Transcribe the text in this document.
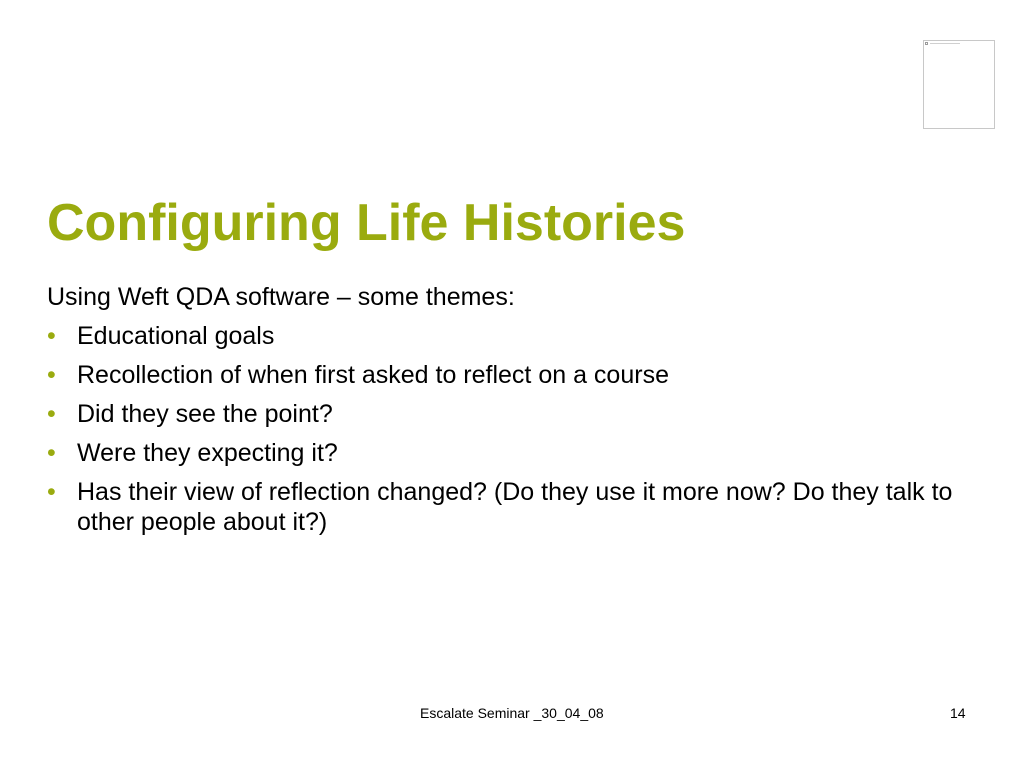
Configuring Life Histories

Using Weft QDA software – some themes:

• Educational goals
• Recollection of when first asked to reflect on a course
• Did they see the point?
• Were they expecting it?
• Has their view of reflection changed? (Do they use it more now? Do they talk to other people about it?)
Escalate Seminar _30_04_08	14
